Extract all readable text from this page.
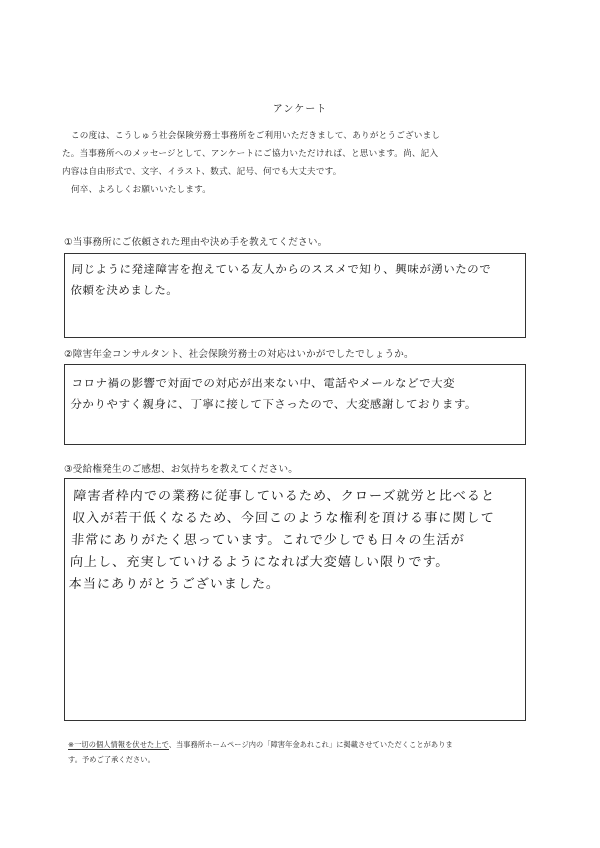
アンケート

この度は、こうしゅう社会保険労務士事務所をご利用いただきまして、ありがとうございまし

た。当事務所へのメッセージとして、アンケートにご協力いただければ、と思います。尚、記入

内容は自由形式で、文字、イラスト、数式、記号、何でも大丈夫です。

何卒、よろしくお願いいたします。

①当事務所にご依頼された理由や決め手を教えてください。

同じように発達障害を抱えている友人からのススメで知り、興味が湧いたので

依頼を決めました。

②障害年金コンサルタント、社会保険労務士の対応はいかがでしたでしょうか。

コロナ禍の影響で対面での対応が出来ない中、電話やメールなどで大変

分かりやすく親身に、丁寧に接して下さったので、大変感謝しております。

③受給権発生のご感想、お気持ちを教えてください。

障害者枠内での業務に従事しているため、クローズ就労と比べると

収入が若干低くなるため、今回このような権利を頂ける事に関して

非常にありがたく思っています。これで少しでも日々の生活が

向上し、充実していけるようになれば大変嬉しい限りです。

本当にありがとうございました。

※一切の個人情報を伏せた上で、当事務所ホームページ内の「障害年金あれこれ」に掲載させていただくことがありま
す。予めご了承ください。
